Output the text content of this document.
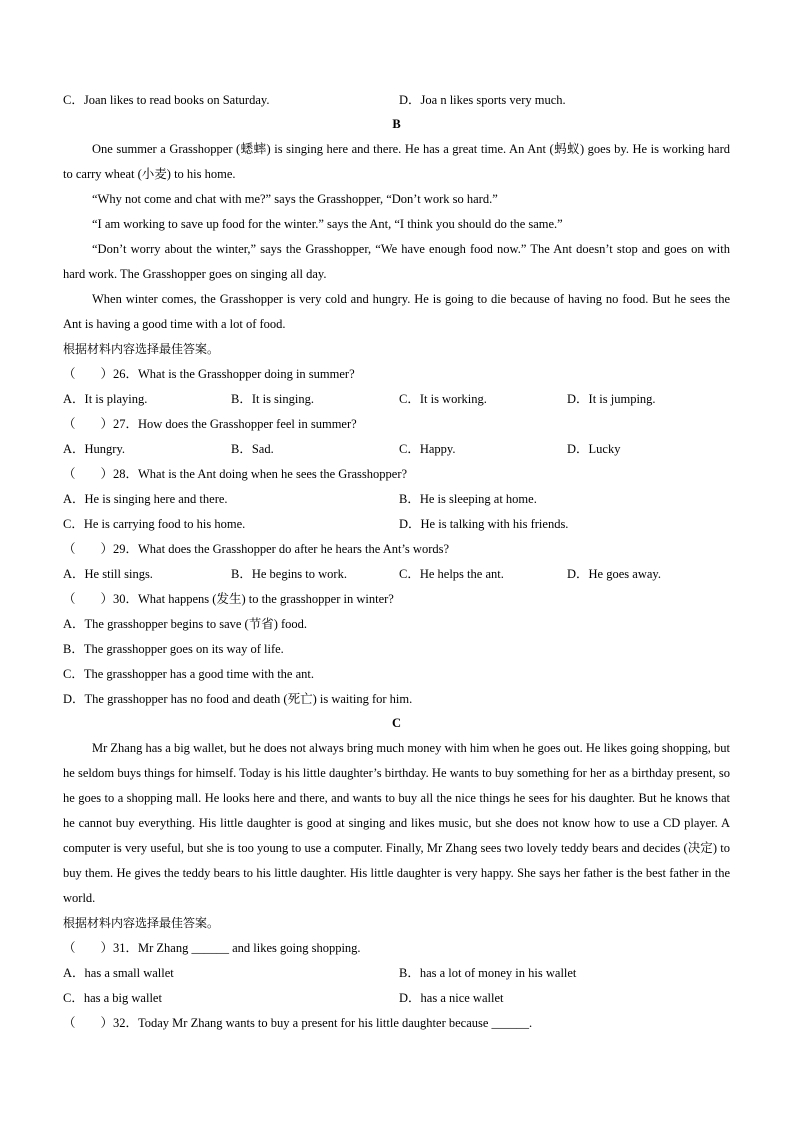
C．Joan likes to read books on Saturday.	D．Joa n likes sports very much.
B

One summer a Grasshopper (蟋蟀) is singing here and there. He has a great time. An Ant (蚂蚁) goes by. He is working hard to carry wheat (小麦) to his home.

“Why not come and chat with me?” says the Grasshopper, “Don’t work so hard.”

“I am working to save up food for the winter.” says the Ant, “I think you should do the same.”

“Don’t worry about the winter,” says the Grasshopper, “We have enough food now.” The Ant doesn’t stop and goes on with hard work. The Grasshopper goes on singing all day.

When winter comes, the Grasshopper is very cold and hungry. He is going to die because of having no food. But he sees the Ant is having a good time with a lot of food.

根据材料内容选择最佳答案。
（　　）26．What is the Grasshopper doing in summer?
A．It is playing.	B．It is singing.	C．It is working.	D．It is jumping.
（　　）27．How does the Grasshopper feel in summer?
A．Hungry.	B．Sad.	C．Happy.	D．Lucky
（　　）28．What is the Ant doing when he sees the Grasshopper?
A．He is singing here and there.	B．He is sleeping at home.
C．He is carrying food to his home.	D．He is talking with his friends.
（　　）29．What does the Grasshopper do after he hears the Ant’s words?
A．He still sings.	B．He begins to work.	C．He helps the ant.	D．He goes away.
（　　）30．What happens (发生) to the grasshopper in winter?
A．The grasshopper begins to save (节省) food.
B．The grasshopper goes on its way of life.
C．The grasshopper has a good time with the ant.
D．The grasshopper has no food and death (死亡) is waiting for him.
C

Mr Zhang has a big wallet, but he does not always bring much money with him when he goes out. He likes going shopping, but he seldom buys things for himself. Today is his little daughter’s birthday. He wants to buy something for her as a birthday present, so he goes to a shopping mall. He looks here and there, and wants to buy all the nice things he sees for his daughter. But he knows that he cannot buy everything. His little daughter is good at singing and likes music, but she does not know how to use a CD player. A computer is very useful, but she is too young to use a computer. Finally, Mr Zhang sees two lovely teddy bears and decides (决定) to buy them. He gives the teddy bears to his little daughter. His little daughter is very happy. She says her father is the best father in the world.

根据材料内容选择最佳答案。
（　　）31．Mr Zhang ______ and likes going shopping.
A．has a small wallet	B．has a lot of money in his wallet
C．has a big wallet	D．has a nice wallet
（　　）32．Today Mr Zhang wants to buy a present for his little daughter because ______.
